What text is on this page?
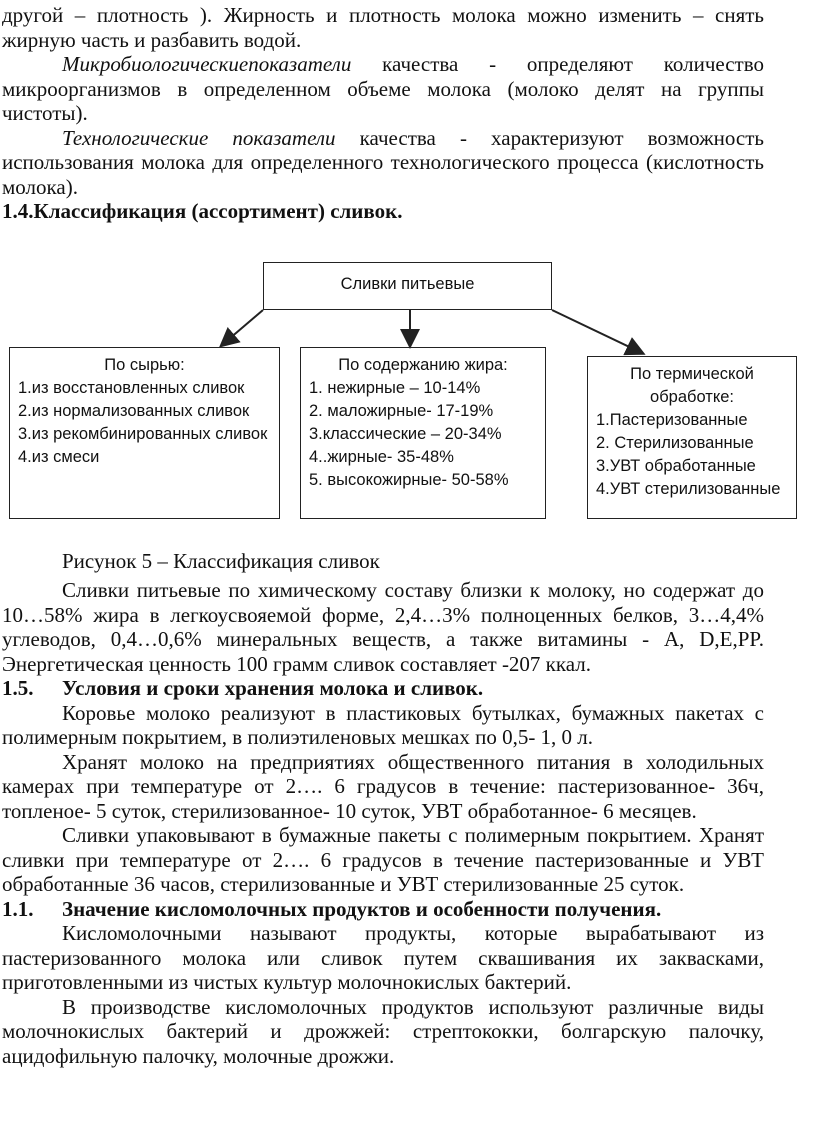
другой – плотность ). Жирность и плотность молока можно изменить – снять жирную часть и разбавить водой.

Микробиологическиепоказатели качества - определяют количество микроорганизмов в определенном объеме молока (молоко делят на группы чистоты).

Технологические показатели качества - характеризуют возможность использования молока для определенного технологического процесса (кислотность молока).

1.4.Классификация (ассортимент) сливок.

Сливки питьевые
По сырью:
1.из восстановленных сливок
2.из нормализованных сливок
3.из рекомбинированных сливок
4.из смеси
По содержанию жира:
1. нежирные – 10-14%
2. маложирные- 17-19%
3.классические – 20-34%
4..жирные- 35-48%
5. высокожирные- 50-58%
По термической обработке:
1.Пастеризованные
2. Стерилизованные
3.УВТ обработанные
4.УВТ стерилизованные
Рисунок 5 – Классификация сливок

Сливки питьевые по химическому составу близки к молоку, но содержат до 10…58% жира в легкоусвояемой форме, 2,4…3% полноценных белков, 3…4,4% углеводов, 0,4…0,6% минеральных веществ, а также витамины - A, D,E,PP. Энергетическая ценность 100 грамм сливок составляет -207 ккал.

1.5. Условия и сроки хранения молока и сливок.

Коровье молоко реализуют в пластиковых бутылках, бумажных пакетах с полимерным покрытием, в полиэтиленовых мешках по 0,5- 1, 0 л.

Хранят молоко на предприятиях общественного питания в холодильных камерах при температуре от 2…. 6 градусов в течение: пастеризованное- 36ч, топленое- 5 суток, стерилизованное- 10 суток, УВТ обработанное- 6 месяцев.

Сливки упаковывают в бумажные пакеты с полимерным покрытием. Хранят сливки при температуре от 2…. 6 градусов в течение пастеризованные и УВТ обработанные 36 часов, стерилизованные и УВТ стерилизованные 25 суток.

1.1. Значение кисломолочных продуктов и особенности получения.

Кисломолочными называют продукты, которые вырабатывают из пастеризованного молока или сливок путем сквашивания их заквасками, приготовленными из чистых культур молочнокислых бактерий.

В производстве кисломолочных продуктов используют различные виды молочнокислых бактерий и дрожжей: стрептококки, болгарскую палочку, ацидофильную палочку, молочные дрожжи.
